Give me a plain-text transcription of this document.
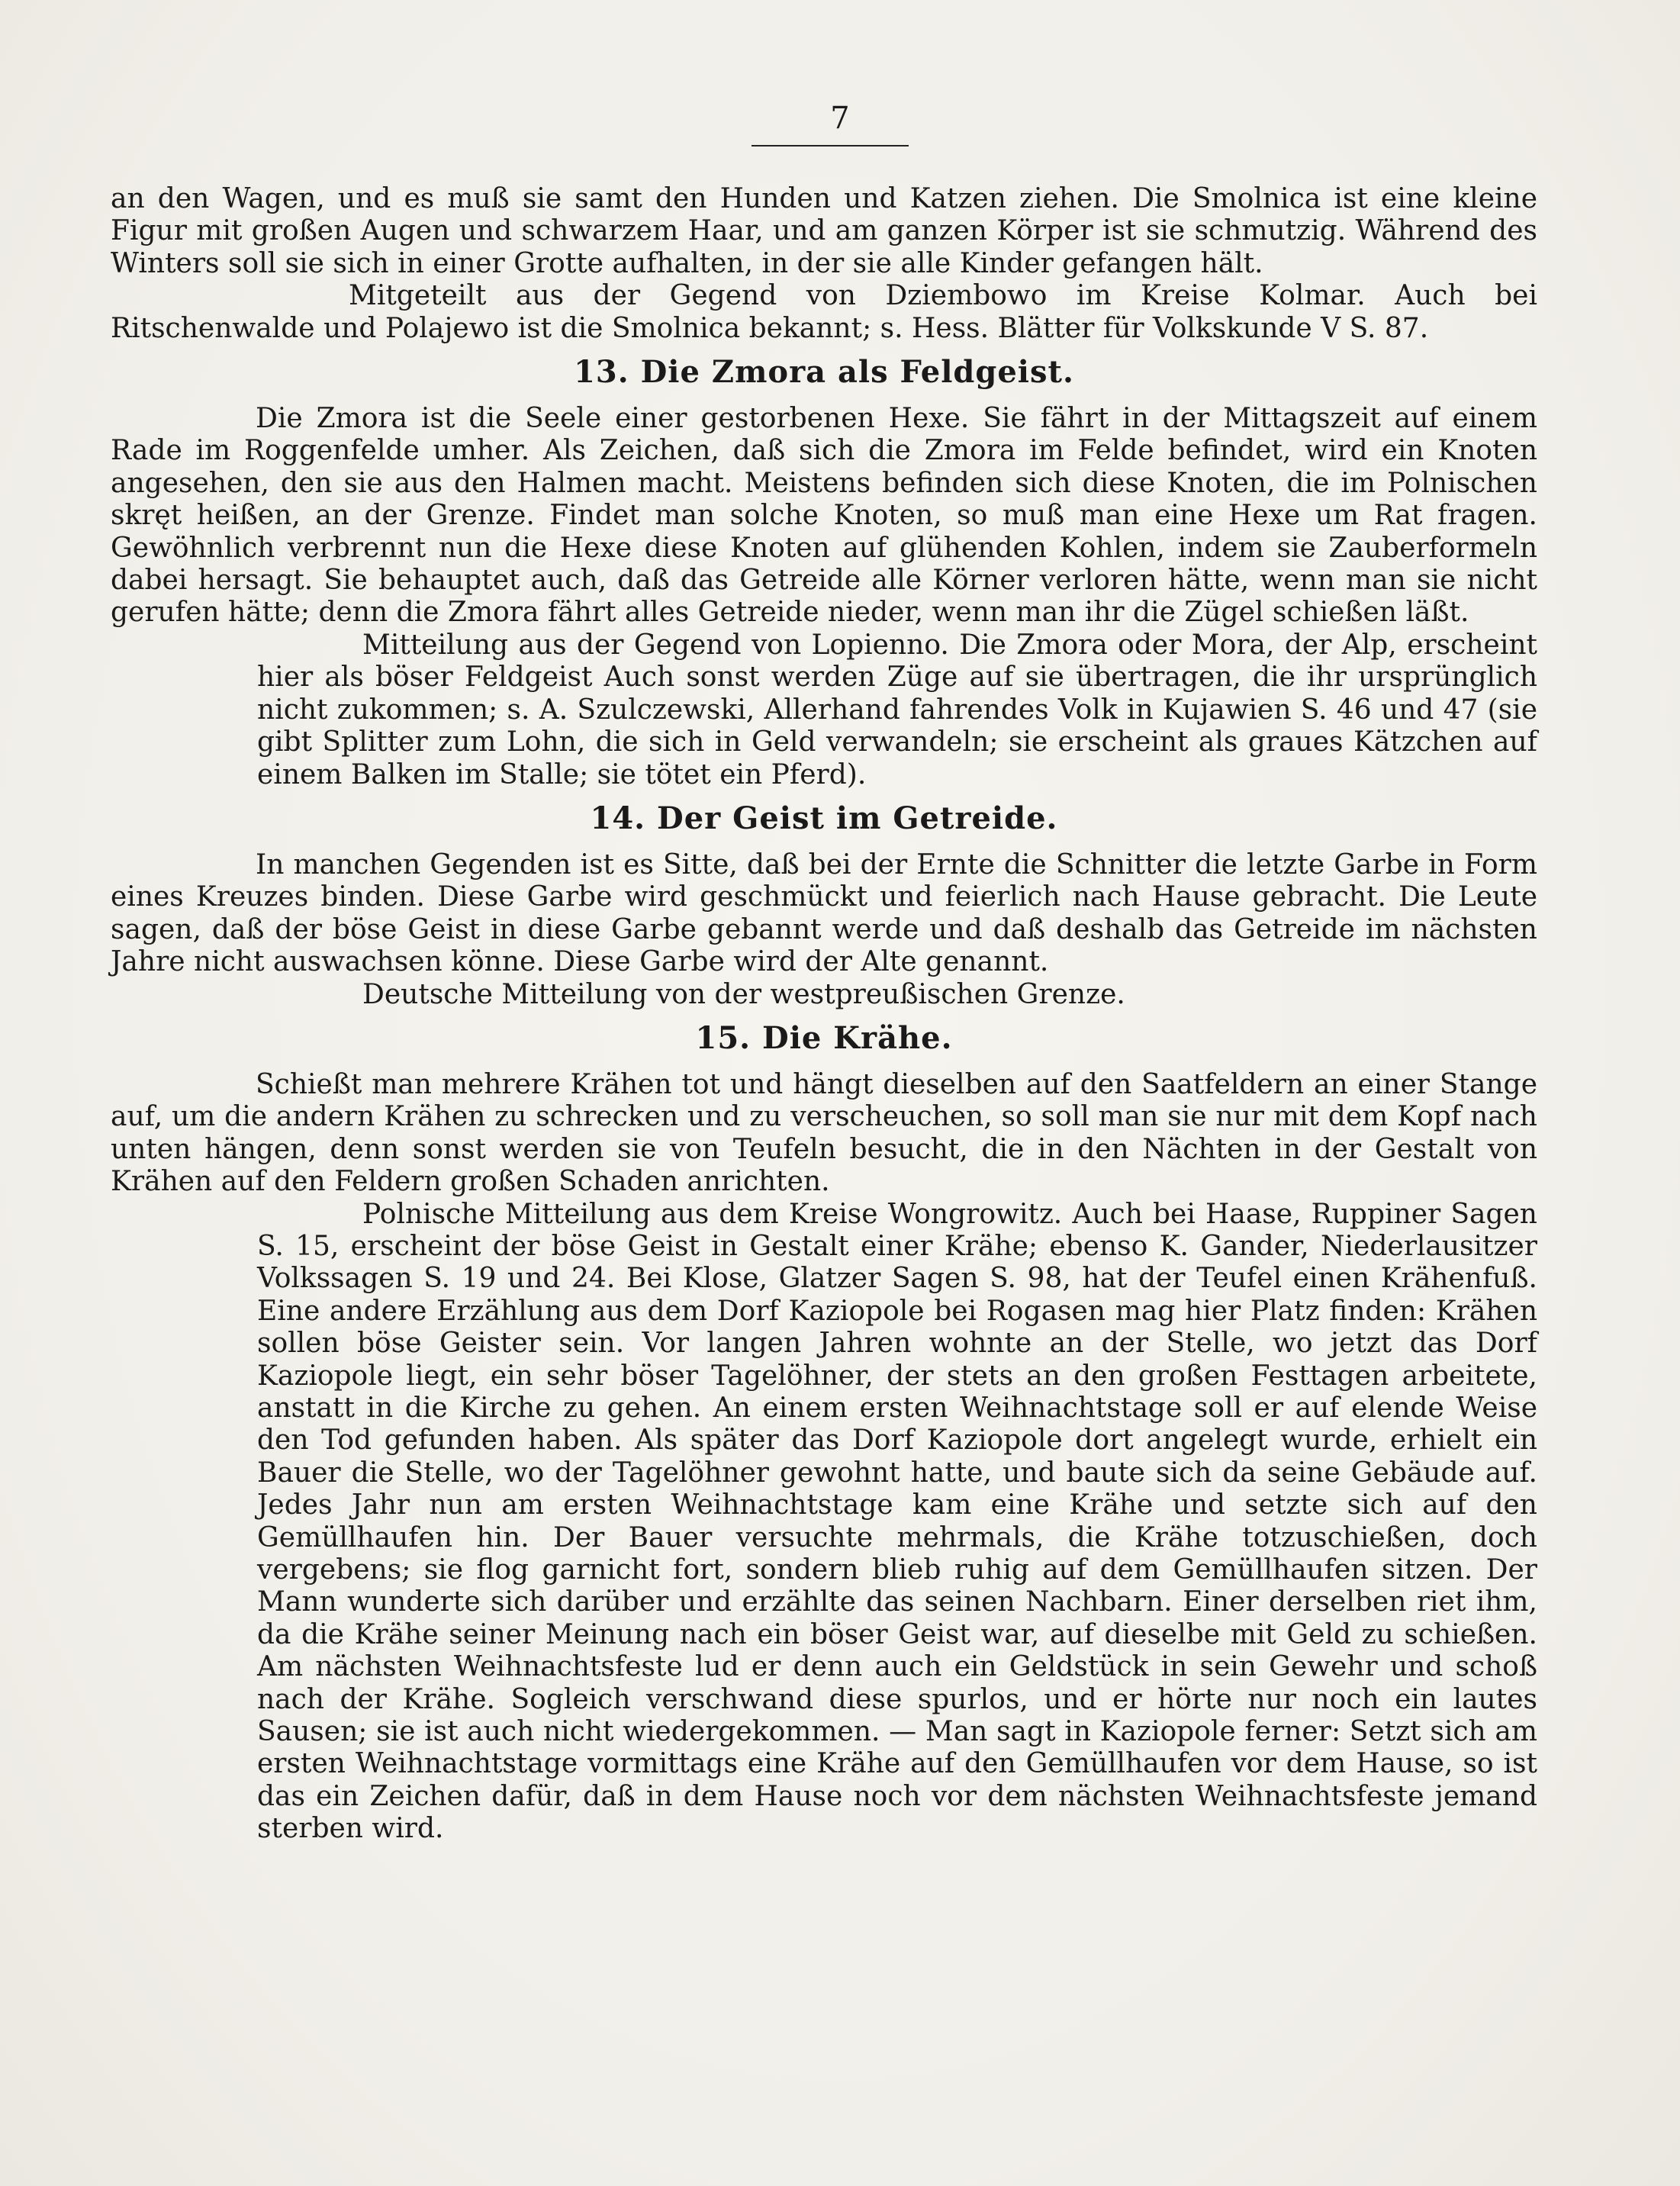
7

an den Wagen, und es muß sie samt den Hunden und Katzen ziehen. Die Smolnica ist eine kleine Figur mit großen Augen und schwarzem Haar, und am ganzen Körper ist sie schmutzig. Während des Winters soll sie sich in einer Grotte aufhalten, in der sie alle Kinder gefangen hält.

Mitgeteilt aus der Gegend von Dziembowo im Kreise Kolmar. Auch bei Ritschenwalde und Polajewo ist die Smolnica bekannt; s. Hess. Blätter für Volkskunde V S. 87.

13. Die Zmora als Feldgeist.

Die Zmora ist die Seele einer gestorbenen Hexe. Sie fährt in der Mittagszeit auf einem Rade im Roggenfelde umher. Als Zeichen, daß sich die Zmora im Felde befindet, wird ein Knoten angesehen, den sie aus den Halmen macht. Meistens befinden sich diese Knoten, die im Polnischen skręt heißen, an der Grenze. Findet man solche Knoten, so muß man eine Hexe um Rat fragen. Gewöhnlich verbrennt nun die Hexe diese Knoten auf glühenden Kohlen, indem sie Zauberformeln dabei hersagt. Sie behauptet auch, daß das Getreide alle Körner verloren hätte, wenn man sie nicht gerufen hätte; denn die Zmora fährt alles Getreide nieder, wenn man ihr die Zügel schießen läßt.

Mitteilung aus der Gegend von Lopienno. Die Zmora oder Mora, der Alp, erscheint hier als böser Feldgeist Auch sonst werden Züge auf sie übertragen, die ihr ursprünglich nicht zukommen; s. A. Szulczewski, Allerhand fahrendes Volk in Kujawien S. 46 und 47 (sie gibt Splitter zum Lohn, die sich in Geld verwandeln; sie erscheint als graues Kätzchen auf einem Balken im Stalle; sie tötet ein Pferd).

14. Der Geist im Getreide.

In manchen Gegenden ist es Sitte, daß bei der Ernte die Schnitter die letzte Garbe in Form eines Kreuzes binden. Diese Garbe wird geschmückt und feierlich nach Hause gebracht. Die Leute sagen, daß der böse Geist in diese Garbe gebannt werde und daß deshalb das Getreide im nächsten Jahre nicht auswachsen könne. Diese Garbe wird der Alte genannt.

Deutsche Mitteilung von der westpreußischen Grenze.

15. Die Krähe.

Schießt man mehrere Krähen tot und hängt dieselben auf den Saatfeldern an einer Stange auf, um die andern Krähen zu schrecken und zu verscheuchen, so soll man sie nur mit dem Kopf nach unten hängen, denn sonst werden sie von Teufeln besucht, die in den Nächten in der Gestalt von Krähen auf den Feldern großen Schaden anrichten.

Polnische Mitteilung aus dem Kreise Wongrowitz. Auch bei Haase, Ruppiner Sagen S. 15, erscheint der böse Geist in Gestalt einer Krähe; ebenso K. Gander, Niederlausitzer Volkssagen S. 19 und 24. Bei Klose, Glatzer Sagen S. 98, hat der Teufel einen Krähenfuß. Eine andere Erzählung aus dem Dorf Kaziopole bei Rogasen mag hier Platz finden: Krähen sollen böse Geister sein. Vor langen Jahren wohnte an der Stelle, wo jetzt das Dorf Kaziopole liegt, ein sehr böser Tagelöhner, der stets an den großen Festtagen arbeitete, anstatt in die Kirche zu gehen. An einem ersten Weihnachtstage soll er auf elende Weise den Tod gefunden haben. Als später das Dorf Kaziopole dort angelegt wurde, erhielt ein Bauer die Stelle, wo der Tagelöhner gewohnt hatte, und baute sich da seine Gebäude auf. Jedes Jahr nun am ersten Weihnachtstage kam eine Krähe und setzte sich auf den Gemüllhaufen hin. Der Bauer versuchte mehrmals, die Krähe totzuschießen, doch vergebens; sie flog garnicht fort, sondern blieb ruhig auf dem Gemüllhaufen sitzen. Der Mann wunderte sich darüber und erzählte das seinen Nachbarn. Einer derselben riet ihm, da die Krähe seiner Meinung nach ein böser Geist war, auf dieselbe mit Geld zu schießen. Am nächsten Weihnachtsfeste lud er denn auch ein Geldstück in sein Gewehr und schoß nach der Krähe. Sogleich verschwand diese spurlos, und er hörte nur noch ein lautes Sausen; sie ist auch nicht wiedergekommen. — Man sagt in Kaziopole ferner: Setzt sich am ersten Weihnachtstage vormittags eine Krähe auf den Gemüllhaufen vor dem Hause, so ist das ein Zeichen dafür, daß in dem Hause noch vor dem nächsten Weihnachtsfeste jemand sterben wird.
